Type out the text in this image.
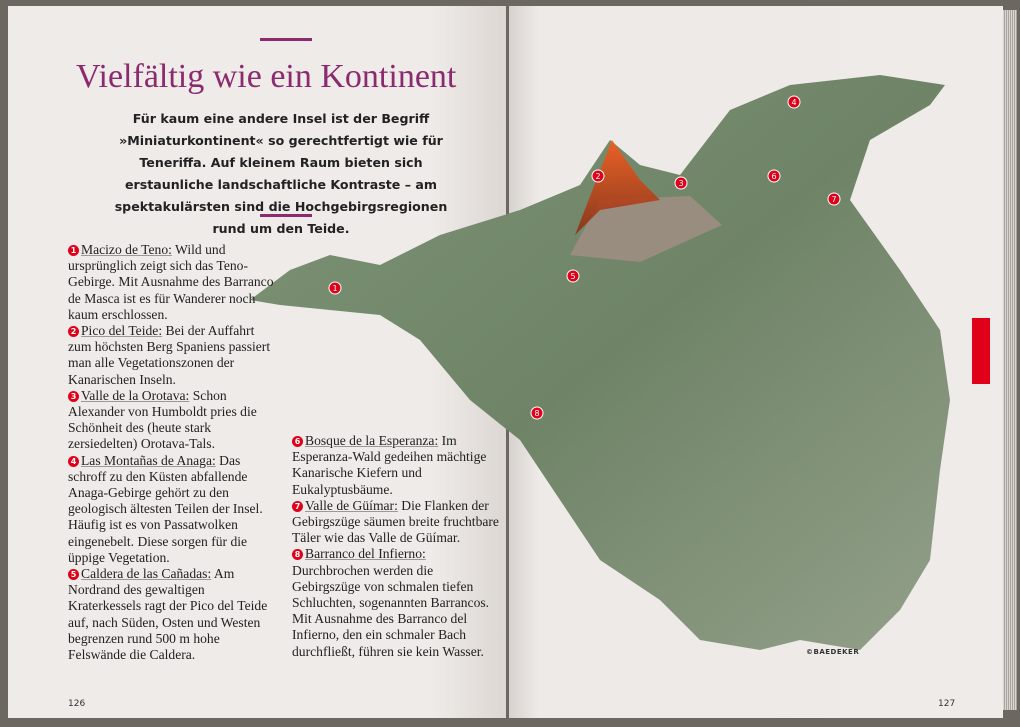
Vielfältig wie ein Kontinent
Für kaum eine andere Insel ist der Begriff »Miniaturkontinent« so gerechtfertigt wie für Teneriffa. Auf kleinem Raum bieten sich erstaunliche landschaftliche Kontraste – am spektakulärsten sind die Hochgebirgsregionen rund um den Teide.
1
2
3
4
5
6
7
8

1 Macizo de Teno: Wild und ursprünglich zeigt sich das Teno-Gebirge. Mit Ausnahme des Barranco de Masca ist es für Wanderer noch kaum erschlossen.

2 Pico del Teide: Bei der Auffahrt zum höchsten Berg Spaniens passiert man alle Vegetationszonen der Kanarischen Inseln.

3 Valle de la Orotava: Schon Alexander von Humboldt pries die Schönheit des (heute stark zersiedelten) Orotava-Tals.

4 Las Montañas de Anaga: Das schroff zu den Küsten abfallende Anaga-Gebirge gehört zu den geologisch ältesten Teilen der Insel. Häufig ist es von Passatwolken eingenebelt. Diese sorgen für die üppige Vegetation.

5 Caldera de las Cañadas: Am Nordrand des gewaltigen Kraterkessels ragt der Pico del Teide auf, nach Süden, Osten und Westen begrenzen rund 500 m hohe Felswände die Caldera.

6 Bosque de la Esperanza: Im Esperanza-Wald gedeihen mächtige Kanarische Kiefern und Eukalyptusbäume.

7 Valle de Güímar: Die Flanken der Gebirgszüge säumen breite fruchtbare Täler wie das Valle de Güímar.

8 Barranco del Infierno: Durchbrochen werden die Gebirgszüge von schmalen tiefen Schluchten, sogenannten Barrancos. Mit Ausnahme des Barranco del Infierno, den ein schmaler Bach durchfließt, führen sie kein Wasser.

126	127
©BAEDEKER
